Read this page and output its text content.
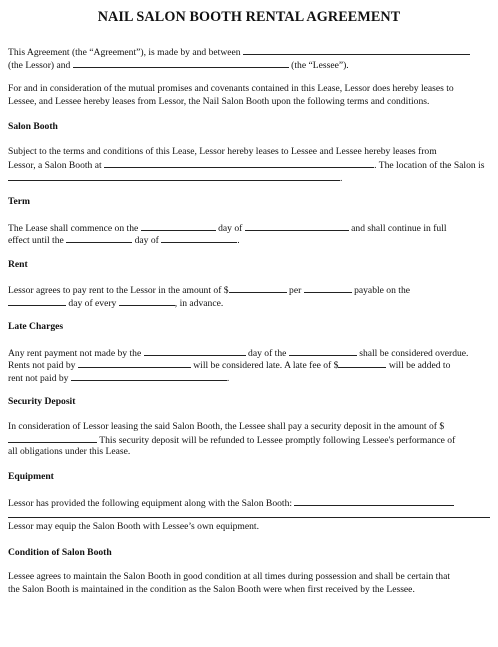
NAIL SALON BOOTH RENTAL AGREEMENT
This Agreement (the “Agreement”), is made by and between
(the Lessor) and	(the “Lessee”).
For and in consideration of the mutual promises and covenants contained in this Lease, Lessor does hereby leases to
Lessee, and Lessee hereby leases from Lessor, the Nail Salon Booth upon the following terms and conditions.
Salon Booth
Subject to the terms and conditions of this Lease, Lessor hereby leases to Lessee and Lessee hereby leases from
Lessor, a Salon Booth at	. The location of the Salon is
.
Term
The Lease shall commence on the	day of	and shall continue in full
effect until the	day of	.
Rent
Lessor agrees to pay rent to the Lessor in the amount of $	per	payable on the
day of every	, in advance.
Late Charges
Any rent payment not made by the	day of the	shall be considered overdue.
Rents not paid by	will be considered late. A late fee of $	will be added to
rent not paid by	.
Security Deposit
In consideration of Lessor leasing the said Salon Booth, the Lessee shall pay a security deposit in the amount of $
This security deposit will be refunded to Lessee promptly following Lessee's performance of
all obligations under this Lease.
Equipment
Lessor has provided the following equipment along with the Salon Booth:
Lessor may equip the Salon Booth with Lessee’s own equipment.
Condition of Salon Booth
Lessee agrees to maintain the Salon Booth in good condition at all times during possession and shall be certain that
the Salon Booth is maintained in the condition as the Salon Booth were when first received by the Lessee.
